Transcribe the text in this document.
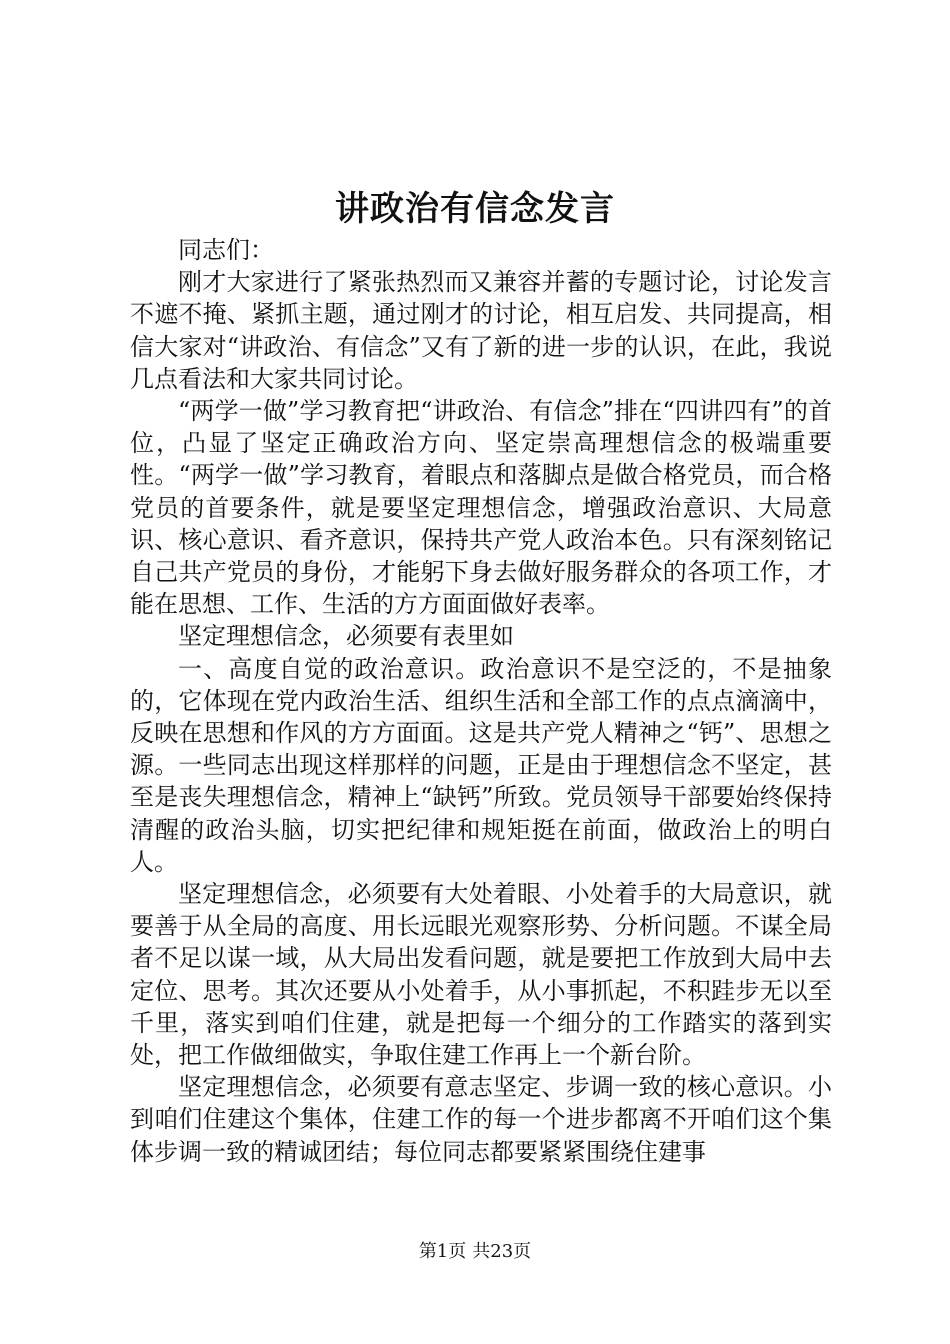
讲政治有信念发言

同志们：

刚才大家进行了紧张热烈而又兼容并蓄的专题讨论，讨论发言不遮不掩、紧抓主题，通过刚才的讨论，相互启发、共同提高，相信大家对“讲政治、有信念”又有了新的进一步的认识，在此，我说几点看法和大家共同讨论。

“两学一做”学习教育把“讲政治、有信念”排在“四讲四有”的首位，凸显了坚定正确政治方向、坚定崇高理想信念的极端重要性。“两学一做”学习教育，着眼点和落脚点是做合格党员，而合格党员的首要条件，就是要坚定理想信念，增强政治意识、大局意识、核心意识、看齐意识，保持共产党人政治本色。只有深刻铭记自己共产党员的身份，才能躬下身去做好服务群众的各项工作，才能在思想、工作、生活的方方面面做好表率。

坚定理想信念，必须要有表里如

一、高度自觉的政治意识。政治意识不是空泛的，不是抽象的，它体现在党内政治生活、组织生活和全部工作的点点滴滴中，反映在思想和作风的方方面面。这是共产党人精神之“钙”、思想之源。一些同志出现这样那样的问题，正是由于理想信念不坚定，甚至是丧失理想信念，精神上“缺钙”所致。党员领导干部要始终保持清醒的政治头脑，切实把纪律和规矩挺在前面，做政治上的明白人。

坚定理想信念，必须要有大处着眼、小处着手的大局意识，就要善于从全局的高度、用长远眼光观察形势、分析问题。不谋全局者不足以谋一域，从大局出发看问题，就是要把工作放到大局中去定位、思考。其次还要从小处着手，从小事抓起，不积跬步无以至千里，落实到咱们住建，就是把每一个细分的工作踏实的落到实处，把工作做细做实，争取住建工作再上一个新台阶。

坚定理想信念，必须要有意志坚定、步调一致的核心意识。小到咱们住建这个集体，住建工作的每一个进步都离不开咱们这个集体步调一致的精诚团结；每位同志都要紧紧围绕住建事

第1页 共23页
